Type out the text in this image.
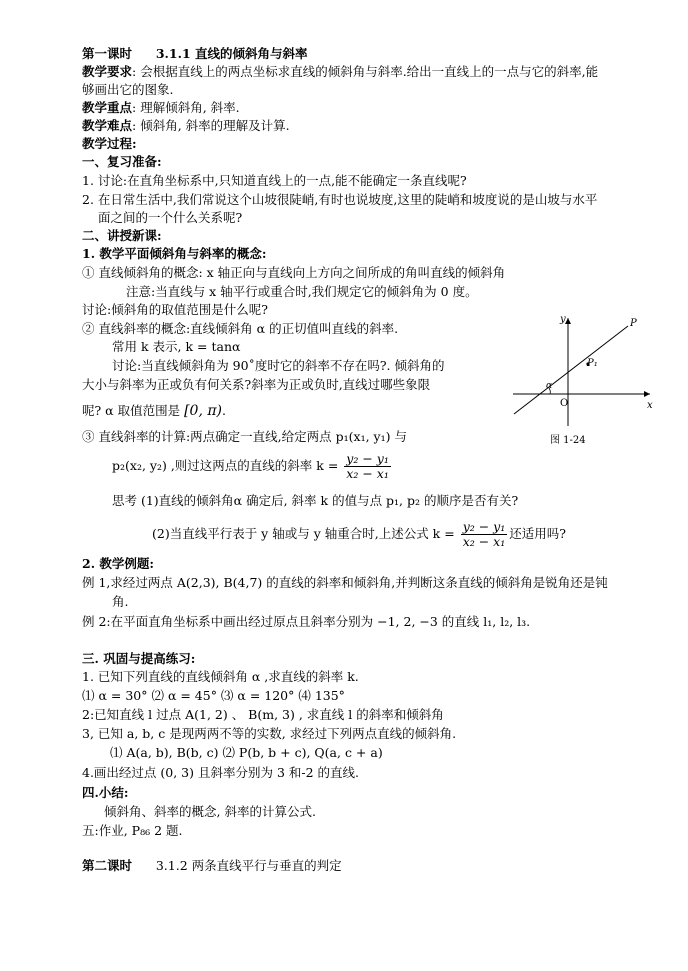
第一课时 3.1.1 直线的倾斜角与斜率
教学要求: 会根据直线上的两点坐标求直线的倾斜角与斜率.给出一直线上的一点与它的斜率,能
够画出它的图象.
教学重点: 理解倾斜角, 斜率.
教学难点: 倾斜角, 斜率的理解及计算.
教学过程:
一、复习准备:
1. 讨论:在直角坐标系中,只知道直线上的一点,能不能确定一条直线呢?
2. 在日常生活中,我们常说这个山坡很陡峭,有时也说坡度,这里的陡峭和坡度说的是山坡与水平
面之间的一个什么关系呢?
二、讲授新课:
1. 教学平面倾斜角与斜率的概念:
① 直线倾斜角的概念: x 轴正向与直线向上方向之间所成的角叫直线的倾斜角
注意:当直线与 x 轴平行或重合时,我们规定它的倾斜角为 0 度。
讨论:倾斜角的取值范围是什么呢?
② 直线斜率的概念:直线倾斜角 α 的正切值叫直线的斜率.
常用 k 表示, k = tanα
讨论:当直线倾斜角为 90˚度时它的斜率不存在吗?. 倾斜角的
大小与斜率为正或负有何关系?斜率为正或负时,直线过哪些象限
呢? α 取值范围是 [0, π).
③ 直线斜率的计算:两点确定一直线,给定两点 p₁(x₁, y₁) 与
p₂(x₂, y₂) ,则过这两点的直线的斜率 $k = \frac{\text{y₂ − y₁}}{\text{x₂ − x₁}}$
思考 (1)直线的倾斜角α 确定后, 斜率 k 的值与点 p₁, p₂ 的顺序是否有关?
(2)当直线平行表于 y 轴或与 y 轴重合时,上述公式 $k = \frac{\text{y₂ − y₁}}{\text{x₂ − x₁}}$ 还适用吗?
y
x
P
P₁
O
α
图 1-24
2. 教学例题:
例 1,求经过两点 A(2,3), B(4,7) 的直线的斜率和倾斜角,并判断这条直线的倾斜角是锐角还是钝
角.
例 2:在平面直角坐标系中画出经过原点且斜率分别为 −1, 2, −3 的直线 l₁, l₂, l₃.
三. 巩固与提高练习:
1. 已知下列直线的直线倾斜角 α ,求直线的斜率 k.
⑴ α = 30° ⑵ α = 45° ⑶ α = 120° ⑷ 135°
2:已知直线 l 过点 A(1, 2) 、 B(m, 3) , 求直线 l 的斜率和倾斜角
3, 已知 a, b, c 是现两两不等的实数, 求经过下列两点直线的倾斜角.
⑴ A(a, b), B(b, c) ⑵ P(b, b + c), Q(a, c + a)
4.画出经过点 (0, 3) 且斜率分别为 3 和-2 的直线.
四.小结:
倾斜角、斜率的概念, 斜率的计算公式.
五:作业, P₈₆ 2 题.
第二课时 3.1.2 两条直线平行与垂直的判定
